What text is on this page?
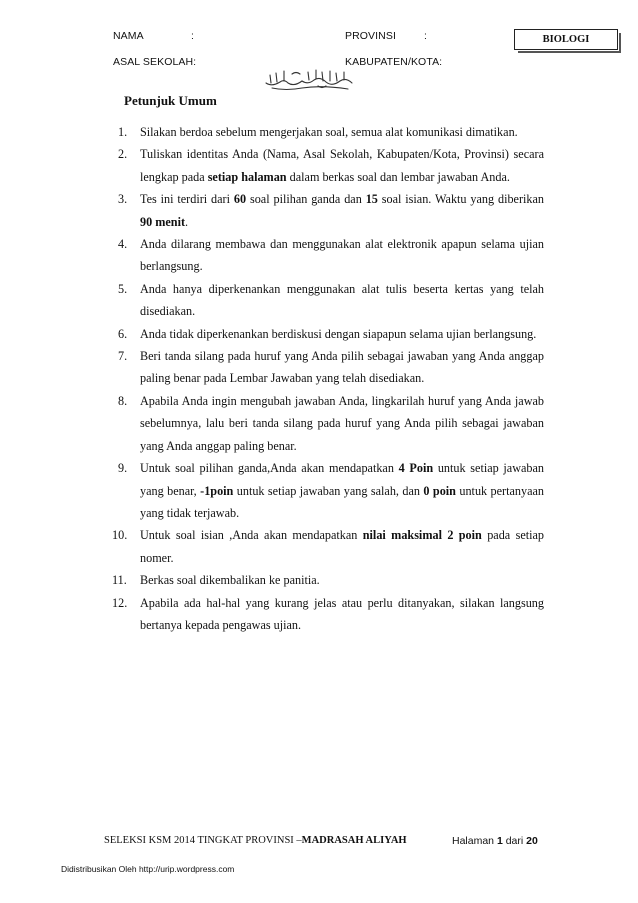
NAMA	:	PROVINSI	:
ASAL SEKOLAH:	KABUPATEN/KOTA:
BIOLOGI
Petunjuk Umum
1.	Silakan berdoa sebelum mengerjakan soal, semua alat komunikasi dimatikan.
2.	Tuliskan identitas Anda (Nama, Asal Sekolah, Kabupaten/Kota, Provinsi) secara lengkap pada setiap halaman dalam berkas soal dan lembar jawaban Anda.
3.	Tes ini terdiri dari 60 soal pilihan ganda dan 15 soal isian. Waktu yang diberikan 90 menit.
4.	Anda dilarang membawa dan menggunakan alat elektronik apapun selama ujian berlangsung.
5.	Anda hanya diperkenankan menggunakan alat tulis beserta kertas yang telah disediakan.
6.	Anda tidak diperkenankan berdiskusi dengan siapapun selama ujian berlangsung.
7.	Beri tanda silang pada huruf yang Anda pilih sebagai jawaban yang Anda anggap paling benar pada Lembar Jawaban yang telah disediakan.
8.	Apabila Anda ingin mengubah jawaban Anda, lingkarilah huruf yang Anda jawab sebelumnya, lalu beri tanda silang pada huruf yang Anda pilih sebagai jawaban yang Anda anggap paling benar.
9.	Untuk soal pilihan ganda,Anda akan mendapatkan 4 Poin untuk setiap jawaban yang benar, -1poin untuk setiap jawaban yang salah, dan 0 poin untuk pertanyaan yang tidak terjawab.
10.	Untuk soal isian ,Anda akan mendapatkan nilai maksimal 2 poin pada setiap nomer.
11.	Berkas soal dikembalikan ke panitia.
12.	Apabila ada hal-hal yang kurang jelas atau perlu ditanyakan, silakan langsung bertanya kepada pengawas ujian.
SELEKSI KSM 2014 TINGKAT PROVINSI –MADRASAH ALIYAH	Halaman 1 dari 20
Didistribusikan Oleh http://urip.wordpress.com
